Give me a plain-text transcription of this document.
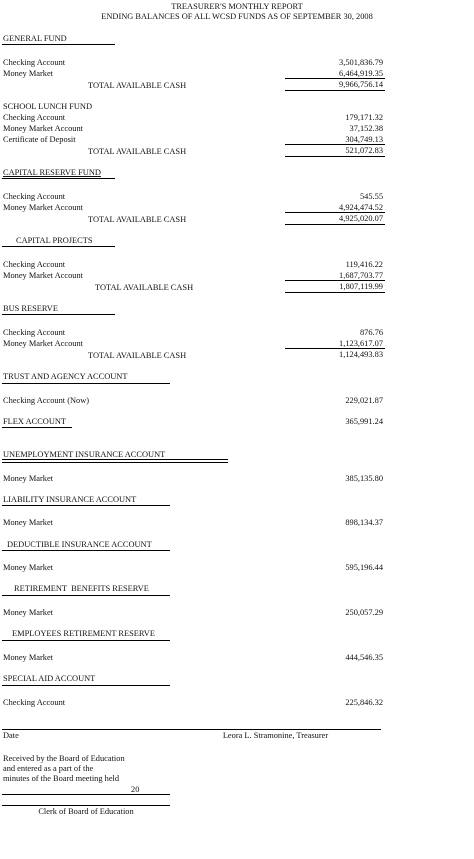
TREASURER'S MONTHLY REPORT
ENDING BALANCES OF ALL WCSD FUNDS AS OF SEPTEMBER 30, 2008
GENERAL FUND
Checking Account	3,501,836.79
Money Market	6,464,919.35
TOTAL AVAILABLE CASH	9,966,756.14
SCHOOL LUNCH FUND
Checking Account	179,171.32
Money Market Account	37,152.38
Certificate of Deposit	304,749.13
TOTAL AVAILABLE CASH	521,072.83
CAPITAL RESERVE FUND
Checking Account	545.55
Money Market Account	4,924,474.52
TOTAL AVAILABLE CASH	4,925,020.07
CAPITAL PROJECTS
Checking Account	119,416.22
Money Market Account	1,687,703.77
TOTAL AVAILABLE CASH	1,807,119.99
BUS RESERVE
Checking Account	876.76
Money Market Account	1,123,617.07
TOTAL AVAILABLE CASH	1,124,493.83
TRUST AND AGENCY ACCOUNT
Checking Account (Now)	229,021.87
FLEX ACCOUNT	365,991.24
UNEMPLOYMENT INSURANCE ACCOUNT
Money Market	385,135.80
LIABILITY INSURANCE ACCOUNT
Money Market	898,134.37
DEDUCTIBLE INSURANCE ACCOUNT
Money Market	595,196.44
RETIREMENT  BENEFITS RESERVE
Money Market	250,057.29
EMPLOYEES RETIREMENT RESERVE
Money Market	444,546.35
SPECIAL AID ACCOUNT
Checking Account	225,846.32
Date	Leora L. Stramonine, Treasurer
Received by the Board of Education
and entered as a part of the
minutes of the Board meeting held
20
Clerk of Board of Education
